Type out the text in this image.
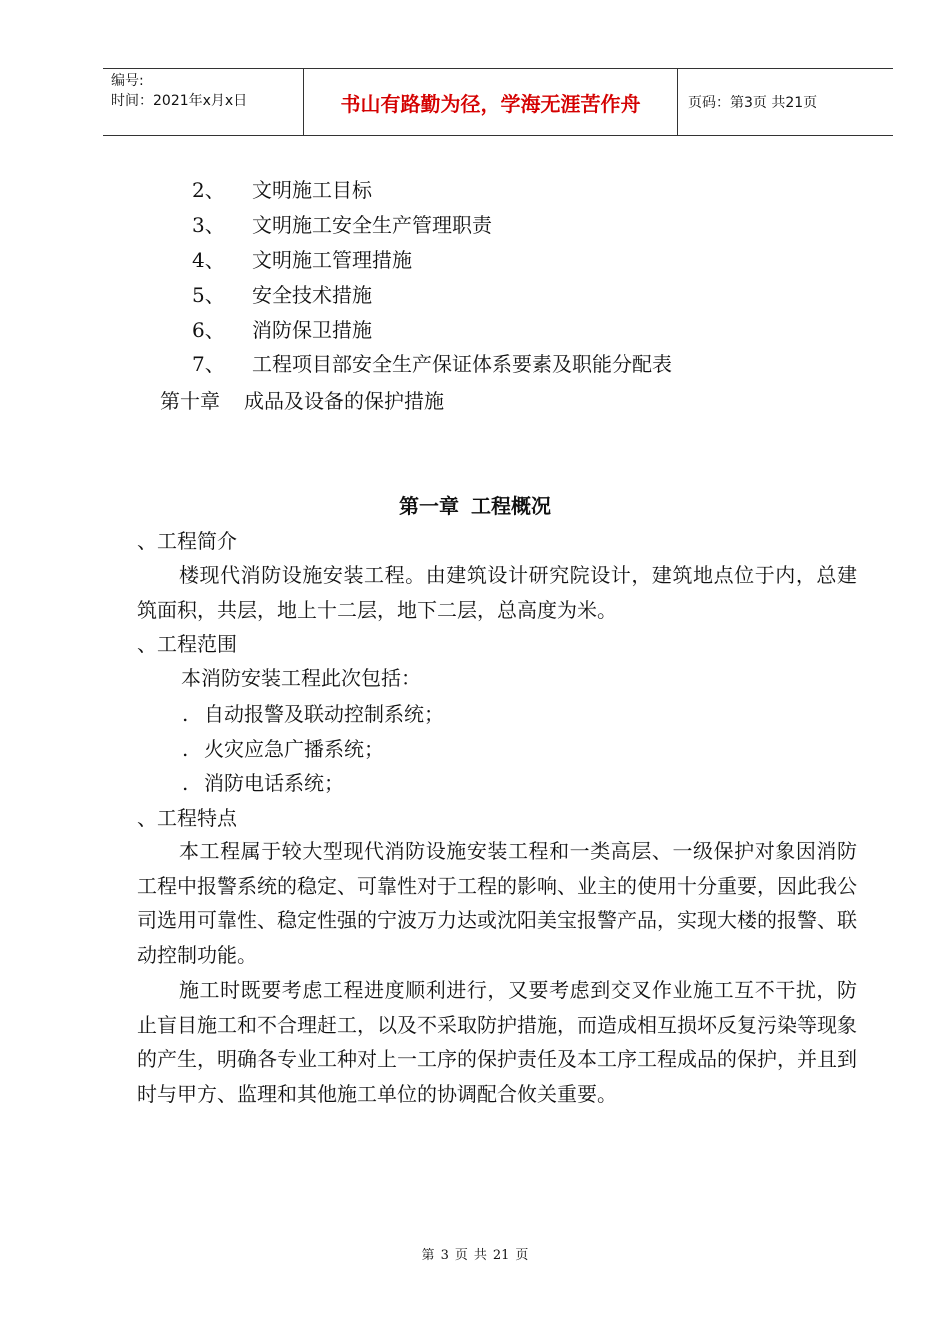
编号:
时间：2021年x月x日	书山有路勤为径，学海无涯苦作舟	页码：第3页 共21页
2、 文明施工目标
3、 文明施工安全生产管理职责
4、 文明施工管理措施
5、 安全技术措施
6、 消防保卫措施
7、 工程项目部安全生产保证体系要素及职能分配表
第十章 成品及设备的保护措施
第一章 工程概况
、工程简介
楼现代消防设施安装工程。由建筑设计研究院设计，建筑地点位于内，总建筑面积，共层，地上十二层，地下二层，总高度为米。
、工程范围
本消防安装工程此次包括：
. 自动报警及联动控制系统；
. 火灾应急广播系统；
. 消防电话系统；
、工程特点
本工程属于较大型现代消防设施安装工程和一类高层、一级保护对象因消防工程中报警系统的稳定、可靠性对于工程的影响、业主的使用十分重要，因此我公司选用可靠性、稳定性强的宁波万力达或沈阳美宝报警产品，实现大楼的报警、联动控制功能。
施工时既要考虑工程进度顺利进行，又要考虑到交叉作业施工互不干扰，防止盲目施工和不合理赶工，以及不采取防护措施，而造成相互损坏反复污染等现象的产生，明确各专业工种对上一工序的保护责任及本工序工程成品的保护，并且到时与甲方、监理和其他施工单位的协调配合攸关重要。
第 3 页 共 21 页
